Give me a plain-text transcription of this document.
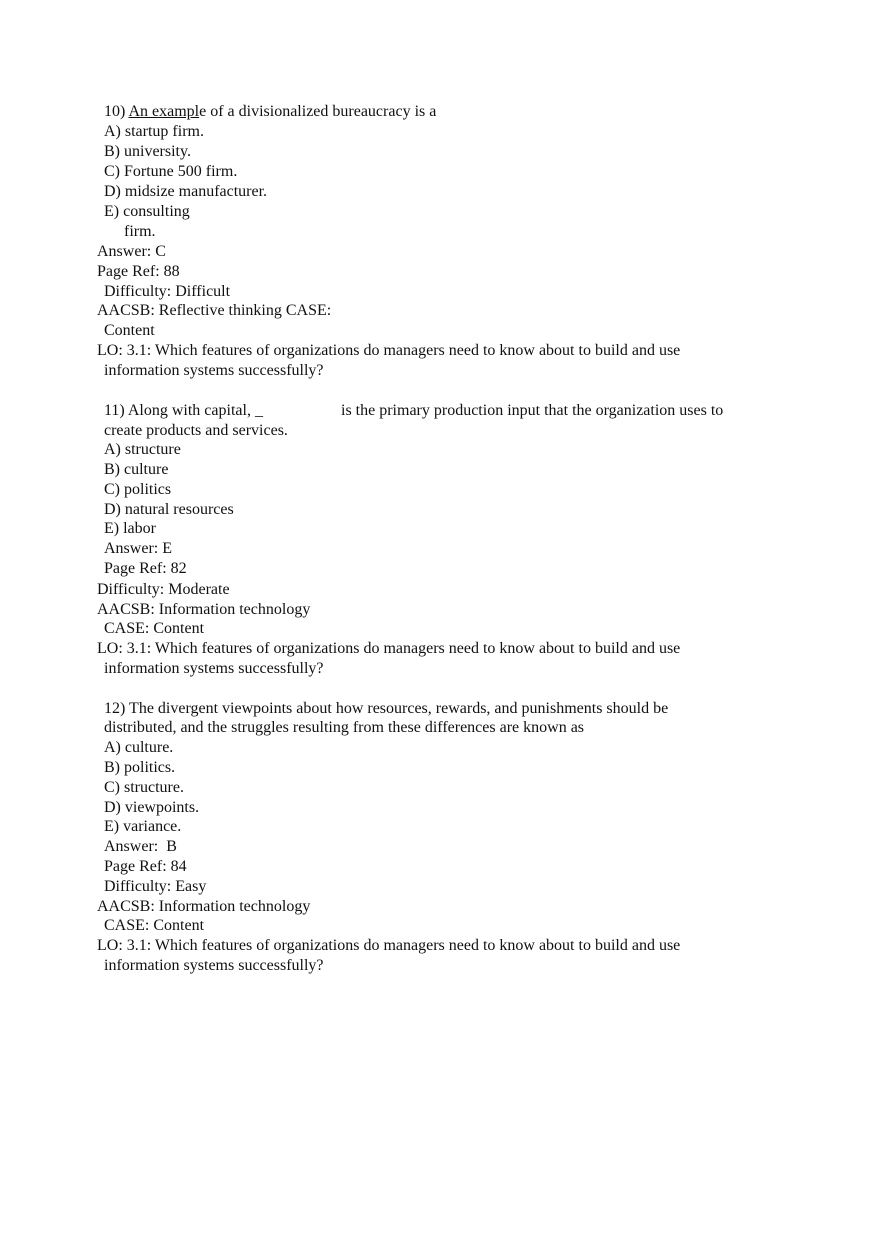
10) An example of a divisionalized bureaucracy is a
A) startup firm.
B) university.
C) Fortune 500 firm.
D) midsize manufacturer.
E) consulting
firm.
Answer: C
Page Ref: 88
Difficulty: Difficult
AACSB: Reflective thinking CASE:
Content
LO: 3.1: Which features of organizations do managers need to know about to build and use
information systems successfully?
11) Along with capital, _	is the primary production input that the organization uses to
create products and services.
A) structure
B) culture
C) politics
D) natural resources
E) labor
Answer: E
Page Ref: 82
Difficulty: Moderate
AACSB: Information technology
CASE: Content
LO: 3.1: Which features of organizations do managers need to know about to build and use
information systems successfully?
12) The divergent viewpoints about how resources, rewards, and punishments should be
distributed, and the struggles resulting from these differences are known as
A) culture.
B) politics.
C) structure.
D) viewpoints.
E) variance.
Answer:  B
Page Ref: 84
Difficulty: Easy
AACSB: Information technology
CASE: Content
LO: 3.1: Which features of organizations do managers need to know about to build and use
information systems successfully?
